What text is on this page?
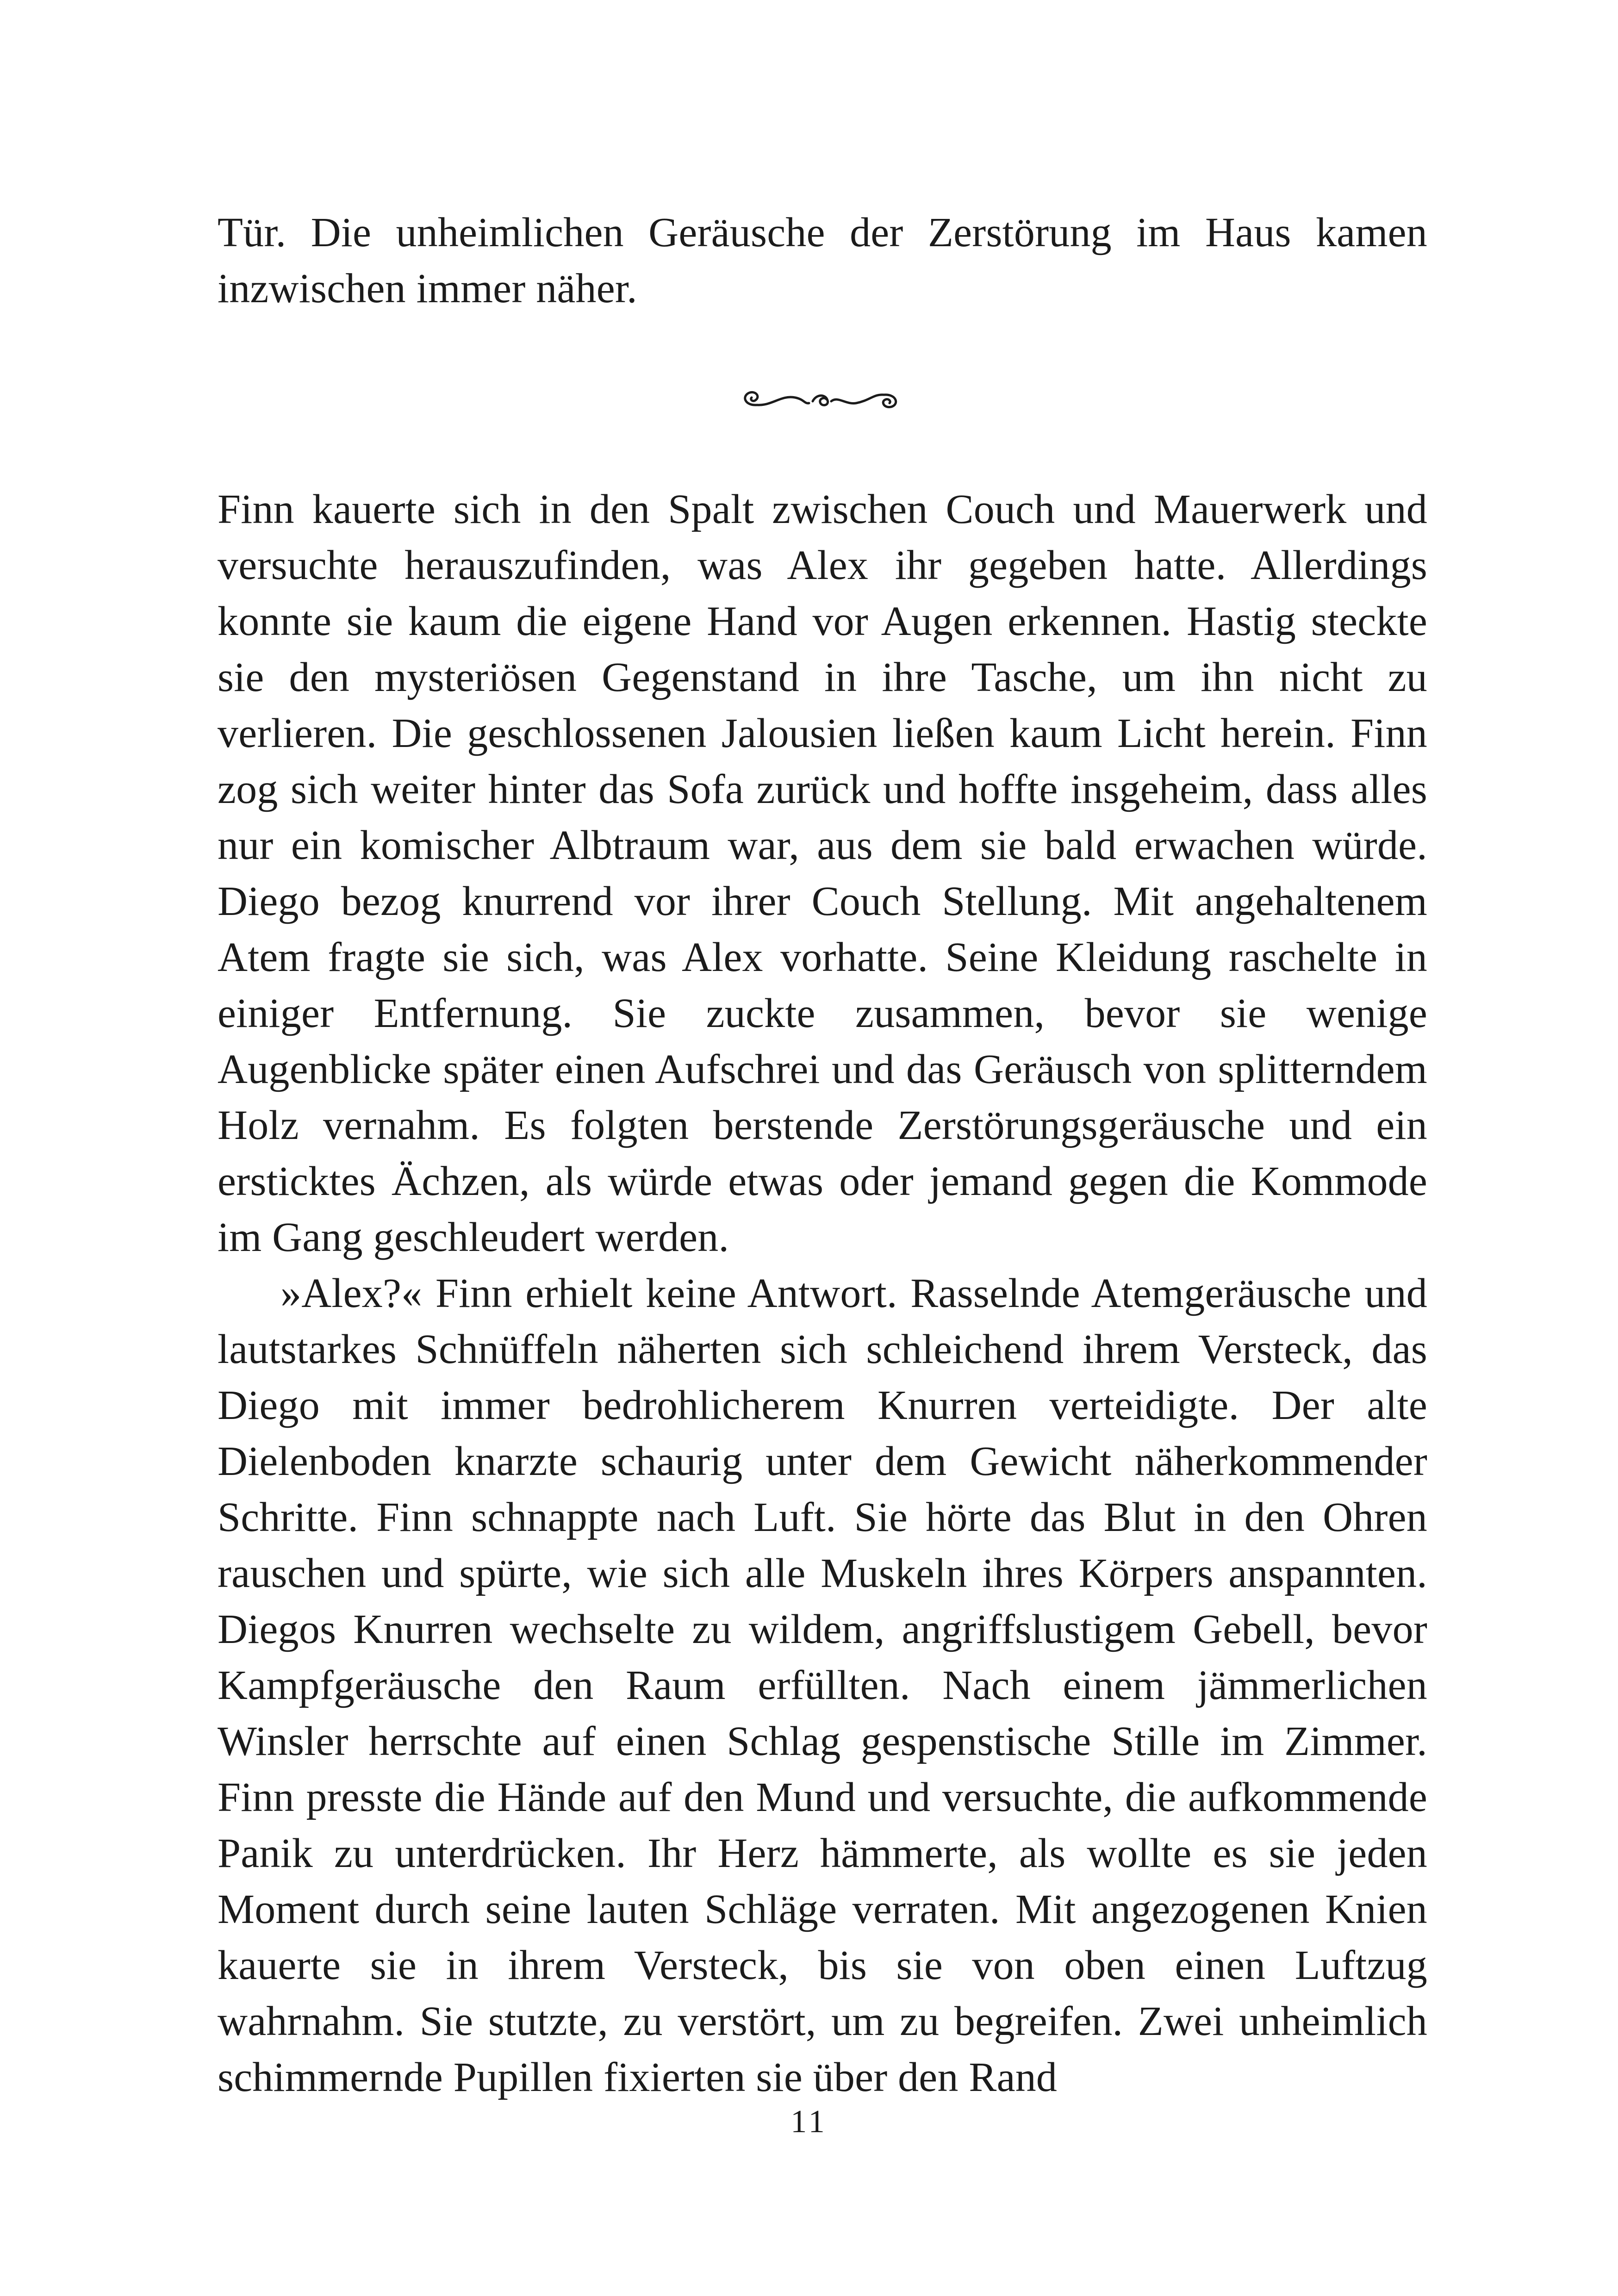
Tür. Die unheimlichen Geräusche der Zerstörung im Haus kamen inzwischen immer näher.

Finn kauerte sich in den Spalt zwischen Couch und Mauerwerk und versuchte herauszufinden, was Alex ihr gegeben hatte. Allerdings konnte sie kaum die eigene Hand vor Augen erkennen. Hastig steckte sie den mysteriösen Gegenstand in ihre Tasche, um ihn nicht zu verlieren. Die geschlossenen Jalousien ließen kaum Licht herein. Finn zog sich weiter hinter das Sofa zurück und hoffte insgeheim, dass alles nur ein komischer Albtraum war, aus dem sie bald erwachen würde. Diego bezog knurrend vor ihrer Couch Stellung. Mit angehaltenem Atem fragte sie sich, was Alex vorhatte. Seine Kleidung raschelte in einiger Entfernung. Sie zuckte zusammen, bevor sie wenige Augenblicke später einen Aufschrei und das Geräusch von splitterndem Holz vernahm. Es folgten berstende Zerstörungsgeräusche und ein ersticktes Ächzen, als würde etwas oder jemand gegen die Kommode im Gang geschleudert werden.

»Alex?« Finn erhielt keine Antwort. Rasselnde Atemgeräusche und lautstarkes Schnüffeln näherten sich schleichend ihrem Versteck, das Diego mit immer bedrohlicherem Knurren verteidigte. Der alte Dielenboden knarzte schaurig unter dem Gewicht näherkommender Schritte. Finn schnappte nach Luft. Sie hörte das Blut in den Ohren rauschen und spürte, wie sich alle Muskeln ihres Körpers anspannten. Diegos Knurren wechselte zu wildem, angriffslustigem Gebell, bevor Kampfgeräusche den Raum erfüllten. Nach einem jämmerlichen Winsler herrschte auf einen Schlag gespenstische Stille im Zimmer. Finn presste die Hände auf den Mund und versuchte, die aufkommende Panik zu unterdrücken. Ihr Herz hämmerte, als wollte es sie jeden Moment durch seine lauten Schläge verraten. Mit angezogenen Knien kauerte sie in ihrem Versteck, bis sie von oben einen Luftzug wahrnahm. Sie stutzte, zu verstört, um zu begreifen. Zwei unheimlich schimmernde Pupillen fixierten sie über den Rand

11
